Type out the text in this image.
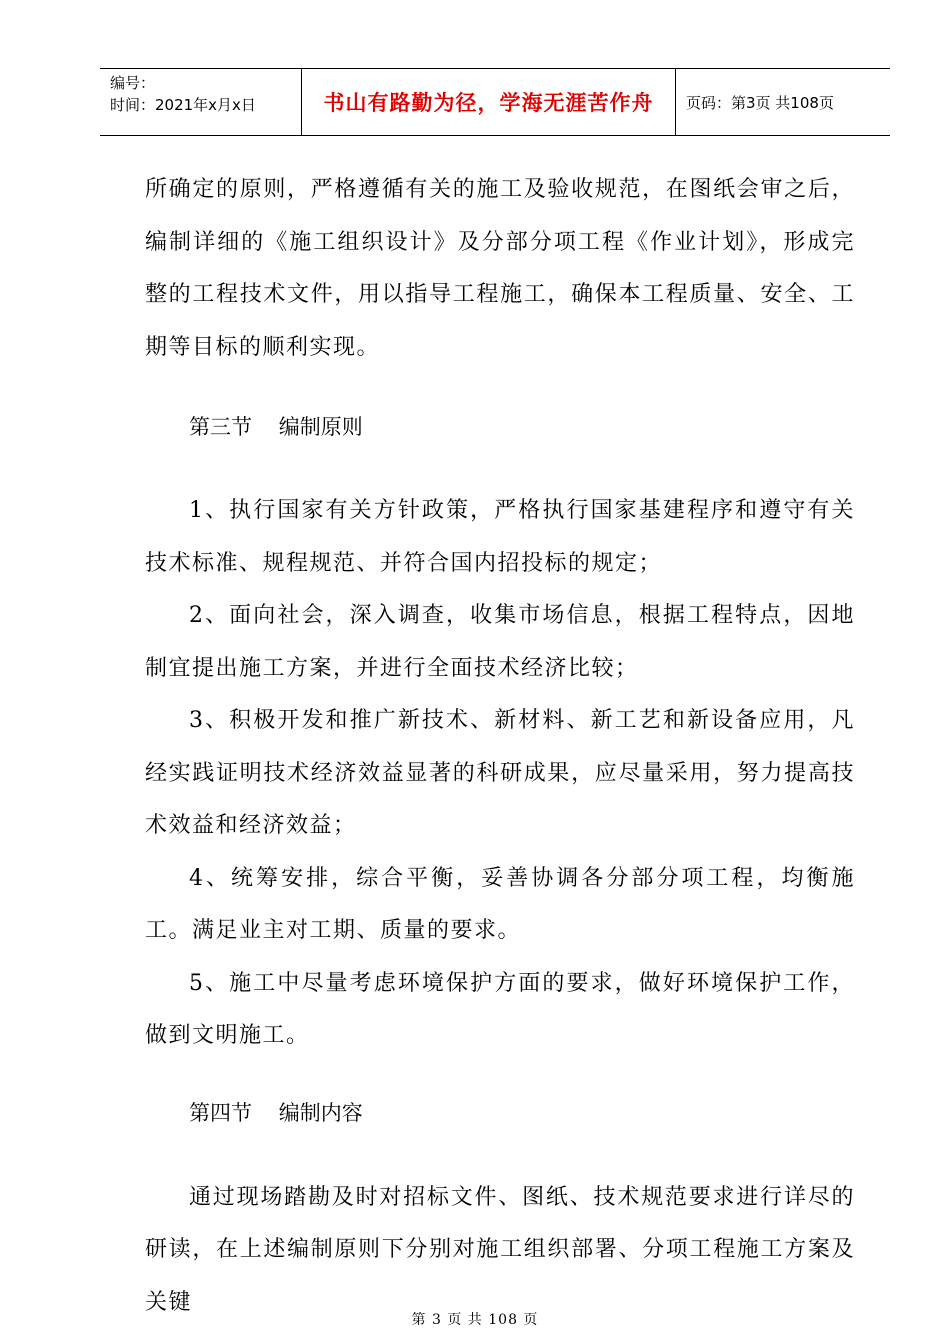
编号：
时间：2021年x月x日	书山有路勤为径，学海无涯苦作舟	页码：第3页 共108页

所确定的原则，严格遵循有关的施工及验收规范，在图纸会审之后，编制详细的《施工组织设计》及分部分项工程《作业计划》，形成完整的工程技术文件，用以指导工程施工，确保本工程质量、安全、工期等目标的顺利实现。

第三节    编制原则

1、执行国家有关方针政策，严格执行国家基建程序和遵守有关技术标准、规程规范、并符合国内招投标的规定；

2、面向社会，深入调查，收集市场信息，根据工程特点，因地制宜提出施工方案，并进行全面技术经济比较；

3、积极开发和推广新技术、新材料、新工艺和新设备应用，凡经实践证明技术经济效益显著的科研成果，应尽量采用，努力提高技术效益和经济效益；

4、统筹安排，综合平衡，妥善协调各分部分项工程，均衡施工。满足业主对工期、质量的要求。

5、施工中尽量考虑环境保护方面的要求，做好环境保护工作，做到文明施工。

第四节    编制内容

通过现场踏勘及时对招标文件、图纸、技术规范要求进行详尽的研读，在上述编制原则下分别对施工组织部署、分项工程施工方案及关键

第 3 页 共 108 页
